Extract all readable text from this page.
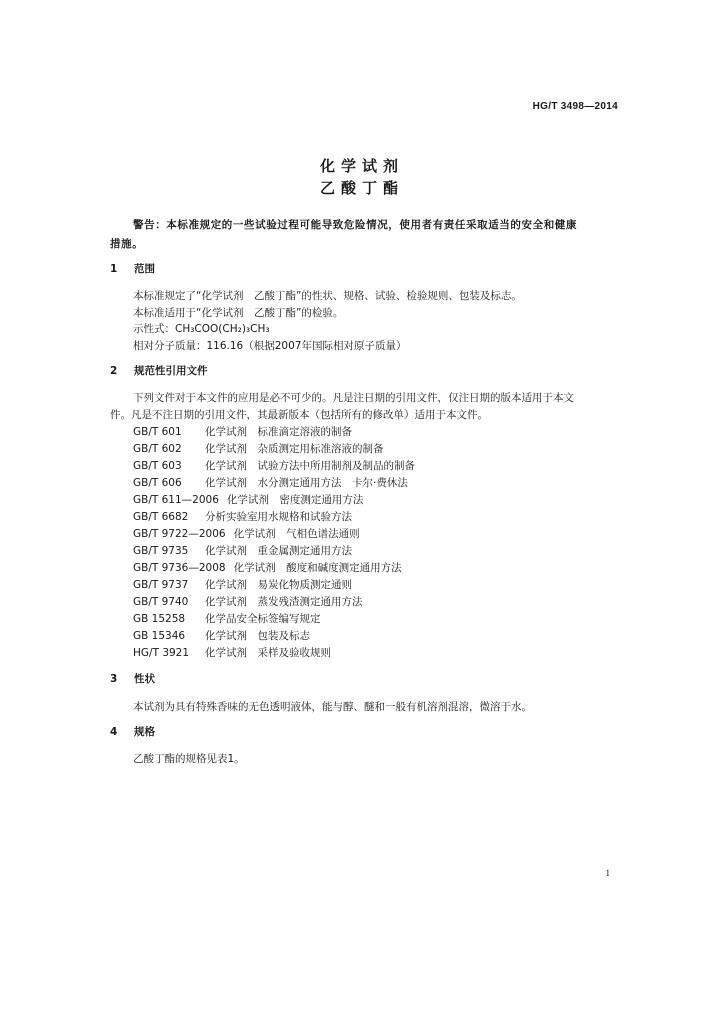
HG/T 3498—2014
化学试剂
乙酸丁酯
警告：本标准规定的一些试验过程可能导致危险情况，使用者有责任采取适当的安全和健康
措施。
1 范围
本标准规定了“化学试剂　乙酸丁酯”的性状、规格、试验、检验规则、包装及标志。
本标准适用于“化学试剂　乙酸丁酯”的检验。
示性式：CH₃COO(CH₂)₃CH₃
相对分子质量：116.16（根据2007年国际相对原子质量）
2 规范性引用文件
下列文件对于本文件的应用是必不可少的。凡是注日期的引用文件，仅注日期的版本适用于本文
件。凡是不注日期的引用文件，其最新版本（包括所有的修改单）适用于本文件。
GB/T 601 化学试剂　标准滴定溶液的制备
GB/T 602 化学试剂　杂质测定用标准溶液的制备
GB/T 603 化学试剂　试验方法中所用制剂及制品的制备
GB/T 606 化学试剂　水分测定通用方法　卡尔·费休法
GB/T 611—2006 化学试剂　密度测定通用方法
GB/T 6682 分析实验室用水规格和试验方法
GB/T 9722—2006 化学试剂　气相色谱法通则
GB/T 9735 化学试剂　重金属测定通用方法
GB/T 9736—2008 化学试剂　酸度和碱度测定通用方法
GB/T 9737 化学试剂　易炭化物质测定通则
GB/T 9740 化学试剂　蒸发残渣测定通用方法
GB 15258 化学品安全标签编写规定
GB 15346 化学试剂　包装及标志
HG/T 3921 化学试剂　采样及验收规则
3 性状
本试剂为具有特殊香味的无色透明液体，能与醇、醚和一般有机溶剂混溶，微溶于水。
4 规格
乙酸丁酯的规格见表1。
1
